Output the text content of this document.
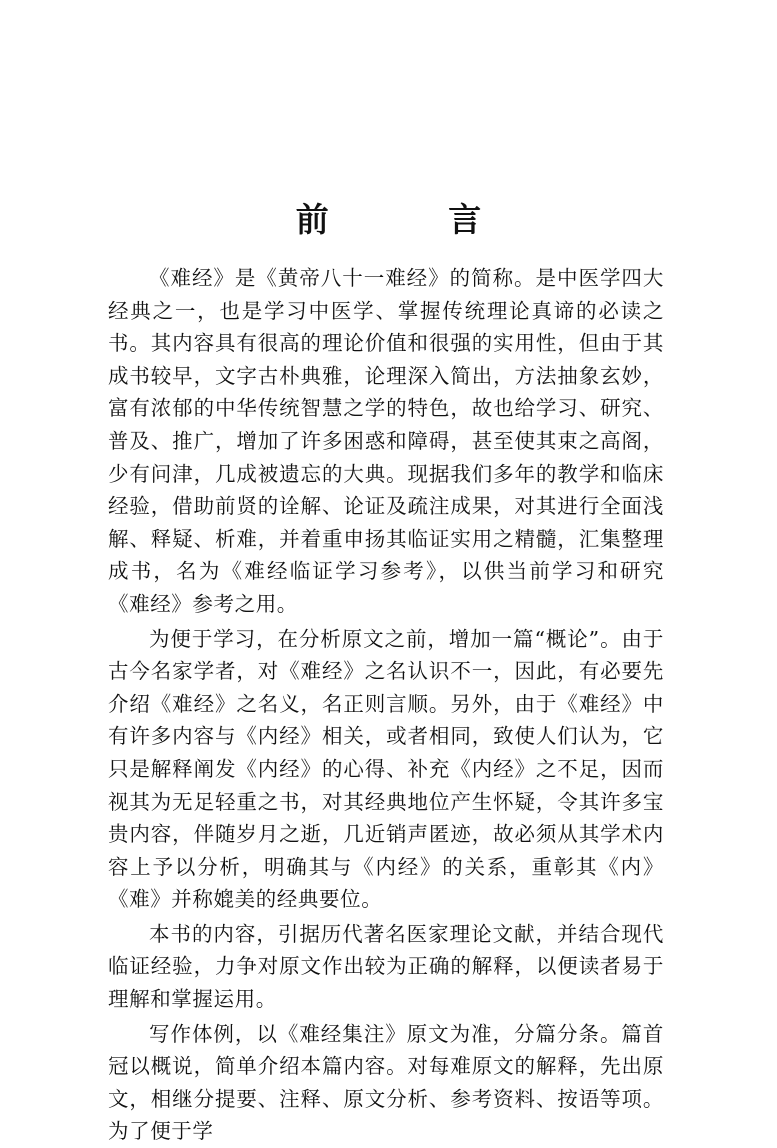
前 言

《难经》是《黄帝八十一难经》的简称。是中医学四大经典之一，也是学习中医学、掌握传统理论真谛的必读之书。其内容具有很高的理论价值和很强的实用性，但由于其成书较早，文字古朴典雅，论理深入简出，方法抽象玄妙，富有浓郁的中华传统智慧之学的特色，故也给学习、研究、普及、推广，增加了许多困惑和障碍，甚至使其束之高阁，少有问津，几成被遗忘的大典。现据我们多年的教学和临床经验，借助前贤的诠解、论证及疏注成果，对其进行全面浅解、释疑、析难，并着重申扬其临证实用之精髓，汇集整理成书，名为《难经临证学习参考》，以供当前学习和研究《难经》参考之用。

为便于学习，在分析原文之前，增加一篇“概论”。由于古今名家学者，对《难经》之名认识不一，因此，有必要先介绍《难经》之名义，名正则言顺。另外，由于《难经》中有许多内容与《内经》相关，或者相同，致使人们认为，它只是解释阐发《内经》的心得、补充《内经》之不足，因而视其为无足轻重之书，对其经典地位产生怀疑，令其许多宝贵内容，伴随岁月之逝，几近销声匿迹，故必须从其学术内容上予以分析，明确其与《内经》的关系，重彰其《内》《难》并称媲美的经典要位。

本书的内容，引据历代著名医家理论文献，并结合现代临证经验，力争对原文作出较为正确的解释，以便读者易于理解和掌握运用。

写作体例，以《难经集注》原文为准，分篇分条。篇首冠以概说，简单介绍本篇内容。对每难原文的解释，先出原文，相继分提要、注释、原文分析、参考资料、按语等项。为了便于学
